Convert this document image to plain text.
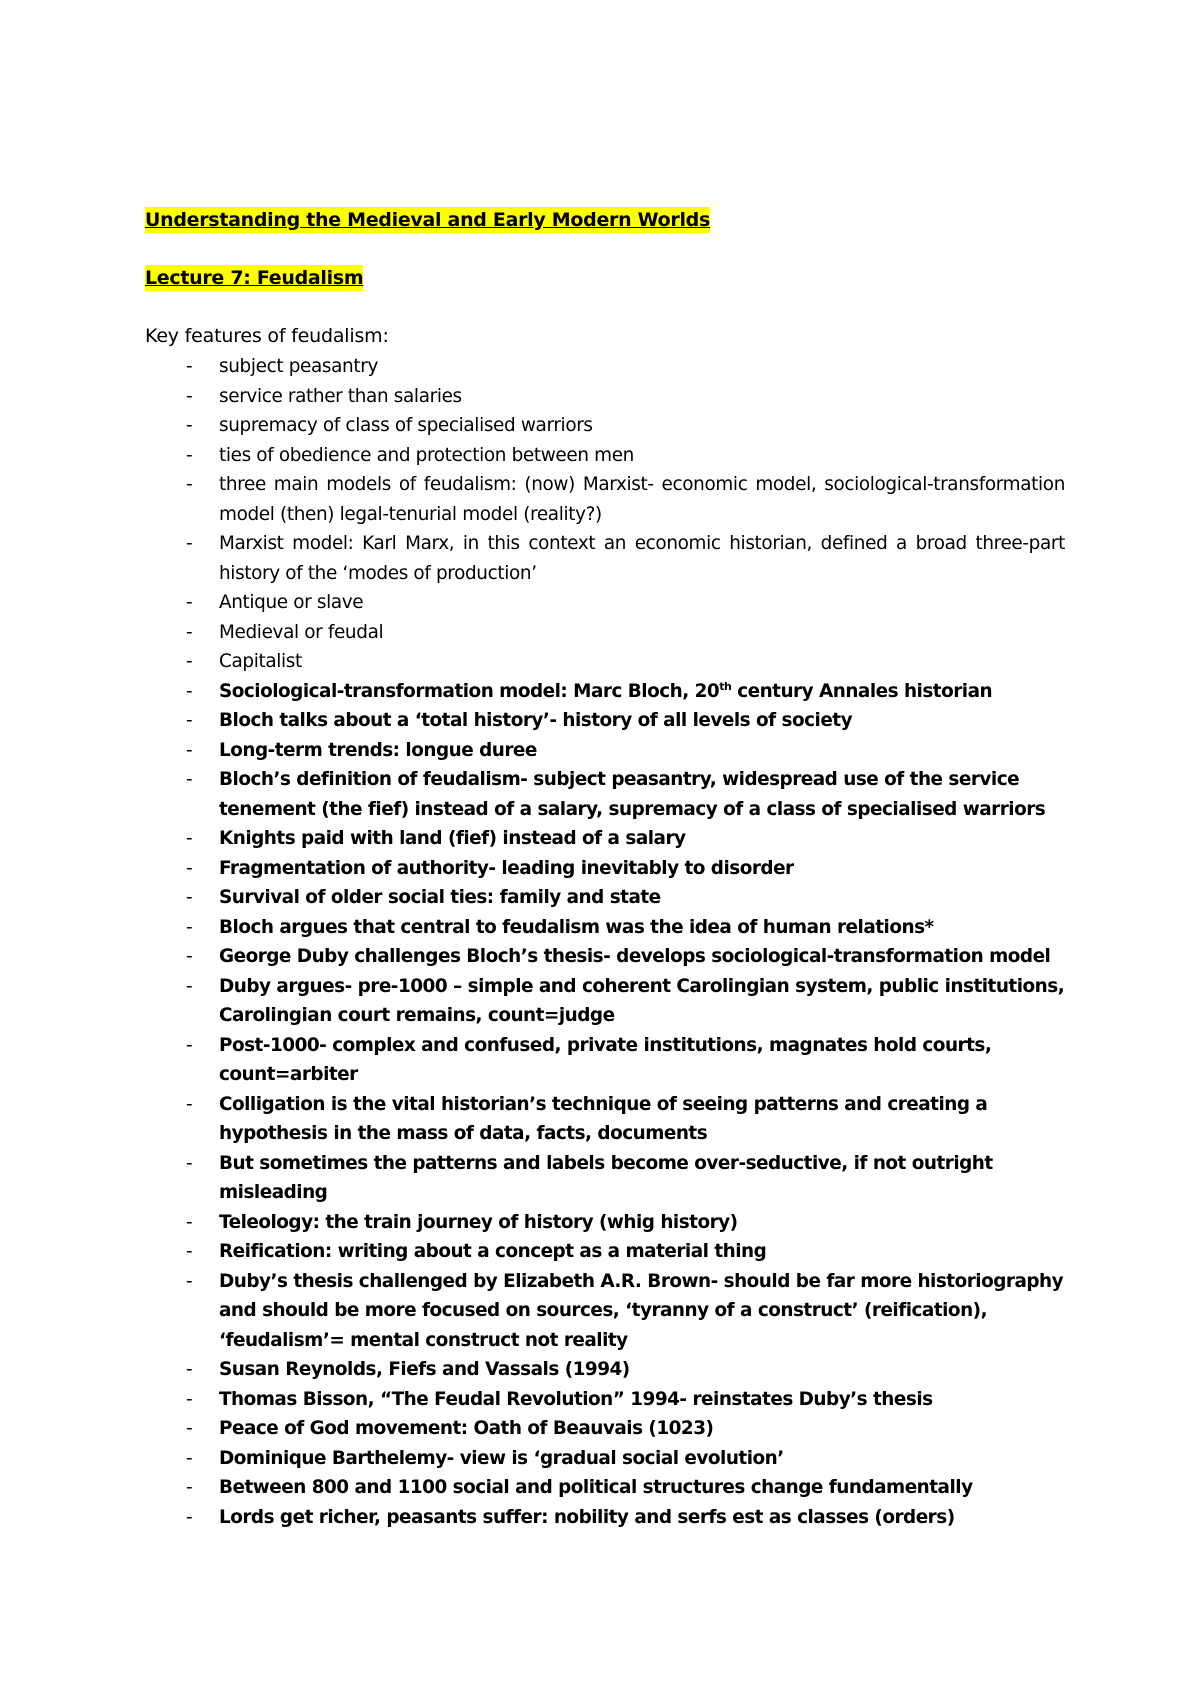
Understanding the Medieval and Early Modern Worlds
Lecture 7: Feudalism
Key features of feudalism:
- subject peasantry
- service rather than salaries
- supremacy of class of specialised warriors
- ties of obedience and protection between men
- three main models of feudalism: (now) Marxist- economic model, sociological-transformation model (then) legal-tenurial model (reality?)
- Marxist model: Karl Marx, in this context an economic historian, defined a broad three-part history of the ‘modes of production’
- Antique or slave
- Medieval or feudal
- Capitalist
- Sociological-transformation model: Marc Bloch, 20th century Annales historian
- Bloch talks about a ‘total history’- history of all levels of society
- Long-term trends: longue duree
- Bloch’s definition of feudalism- subject peasantry, widespread use of the service tenement (the fief) instead of a salary, supremacy of a class of specialised warriors
- Knights paid with land (fief) instead of a salary
- Fragmentation of authority- leading inevitably to disorder
- Survival of older social ties: family and state
- Bloch argues that central to feudalism was the idea of human relations*
- George Duby challenges Bloch’s thesis- develops sociological-transformation model
- Duby argues- pre-1000 – simple and coherent Carolingian system, public institutions, Carolingian court remains, count=judge
- Post-1000- complex and confused, private institutions, magnates hold courts, count=arbiter
- Colligation is the vital historian’s technique of seeing patterns and creating a hypothesis in the mass of data, facts, documents
- But sometimes the patterns and labels become over-seductive, if not outright misleading
- Teleology: the train journey of history (whig history)
- Reification: writing about a concept as a material thing
- Duby’s thesis challenged by Elizabeth A.R. Brown- should be far more historiography and should be more focused on sources, ‘tyranny of a construct’ (reification), ‘feudalism’= mental construct not reality
- Susan Reynolds, Fiefs and Vassals (1994)
- Thomas Bisson, “The Feudal Revolution” 1994- reinstates Duby’s thesis
- Peace of God movement: Oath of Beauvais (1023)
- Dominique Barthelemy- view is ‘gradual social evolution’
- Between 800 and 1100 social and political structures change fundamentally
- Lords get richer, peasants suffer: nobility and serfs est as classes (orders)
